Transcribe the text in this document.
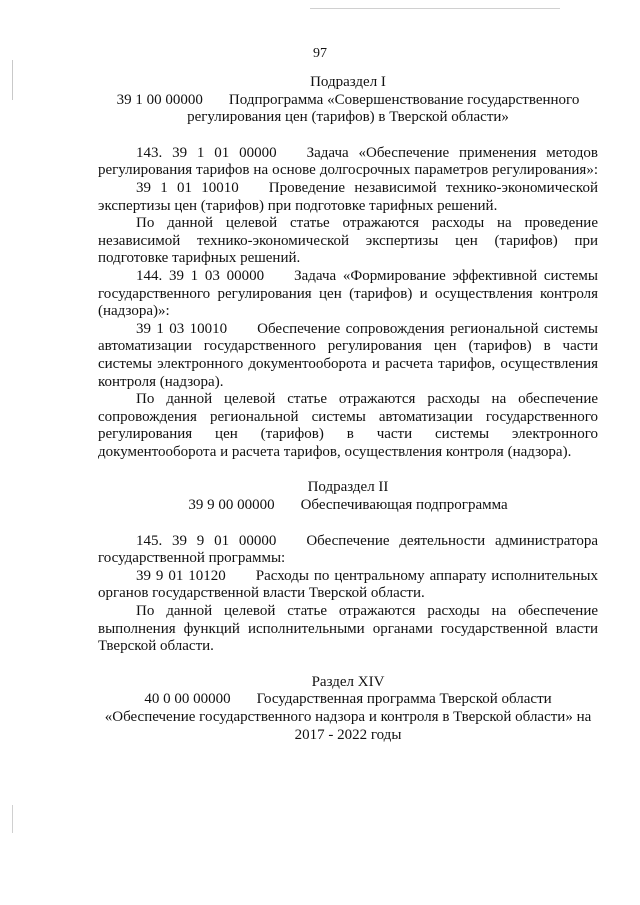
97
Подраздел I
39 1 00 00000 Подпрограмма «Совершенствование государственного
регулирования цен (тарифов) в Тверской области»

143. 39 1 01 00000  Задача «Обеспечение применения методов

регулирования тарифов на основе долгосрочных параметров регулирования»:

39 1 01 10010  Проведение независимой технико-экономической

экспертизы цен (тарифов) при подготовке тарифных решений.

По данной целевой статье отражаются расходы на проведение

независимой технико-экономической экспертизы цен (тарифов) при

подготовке тарифных решений.

144. 39 1 03 00000  Задача «Формирование эффективной системы

государственного регулирования цен (тарифов) и осуществления контроля

(надзора)»:

39 1 03 10010  Обеспечение сопровождения региональной системы

автоматизации государственного регулирования цен (тарифов) в части

системы электронного документооборота и расчета тарифов, осуществления

контроля (надзора).

По данной целевой статье отражаются расходы на обеспечение

сопровождения региональной системы автоматизации государственного

регулирования цен (тарифов) в части системы электронного

документооборота и расчета тарифов, осуществления контроля (надзора).

Подраздел II
39 9 00 00000 Обеспечивающая подпрограмма

145. 39 9 01 00000  Обеспечение деятельности администратора

государственной программы:

39 9 01 10120  Расходы по центральному аппарату исполнительных

органов государственной власти Тверской области.

По данной целевой статье отражаются расходы на обеспечение

выполнения функций исполнительными органами государственной власти

Тверской области.

Раздел XIV
40 0 00 00000 Государственная программа Тверской области
«Обеспечение государственного надзора и контроля в Тверской области» на
2017 - 2022 годы
